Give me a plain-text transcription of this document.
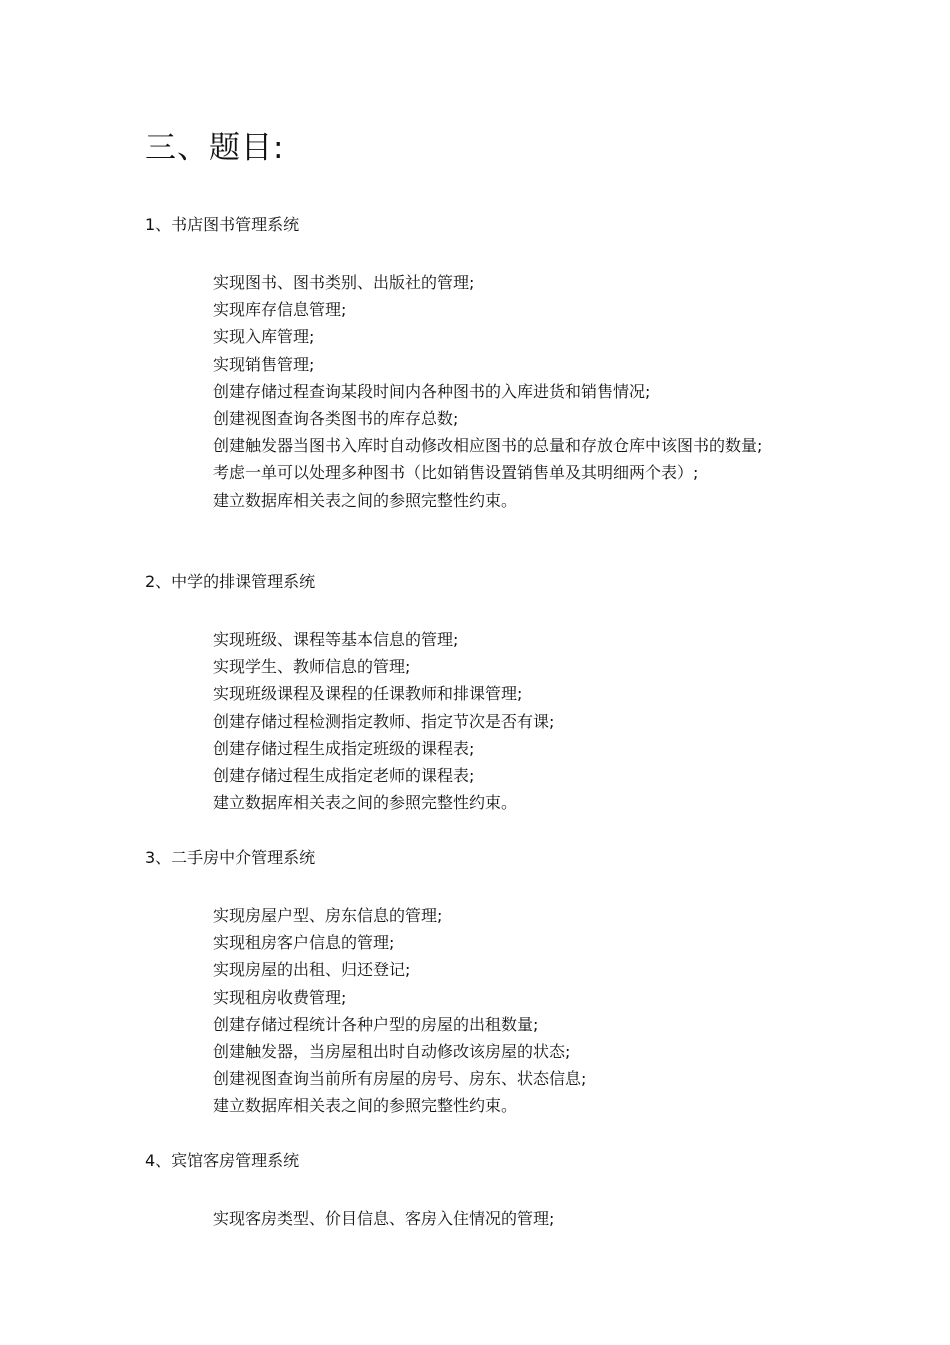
三、题目:
1、书店图书管理系统
实现图书、图书类别、出版社的管理;
实现库存信息管理;
实现入库管理;
实现销售管理;
创建存储过程查询某段时间内各种图书的入库进货和销售情况;
创建视图查询各类图书的库存总数;
创建触发器当图书入库时自动修改相应图书的总量和存放仓库中该图书的数量;
考虑一单可以处理多种图书（比如销售设置销售单及其明细两个表）;
建立数据库相关表之间的参照完整性约束。
2、中学的排课管理系统
实现班级、课程等基本信息的管理;
实现学生、教师信息的管理;
实现班级课程及课程的任课教师和排课管理;
创建存储过程检测指定教师、指定节次是否有课;
创建存储过程生成指定班级的课程表;
创建存储过程生成指定老师的课程表;
建立数据库相关表之间的参照完整性约束。
3、二手房中介管理系统
实现房屋户型、房东信息的管理;
实现租房客户信息的管理;
实现房屋的出租、归还登记;
实现租房收费管理;
创建存储过程统计各种户型的房屋的出租数量;
创建触发器，当房屋租出时自动修改该房屋的状态;
创建视图查询当前所有房屋的房号、房东、状态信息;
建立数据库相关表之间的参照完整性约束。
4、宾馆客房管理系统
实现客房类型、价目信息、客房入住情况的管理;
